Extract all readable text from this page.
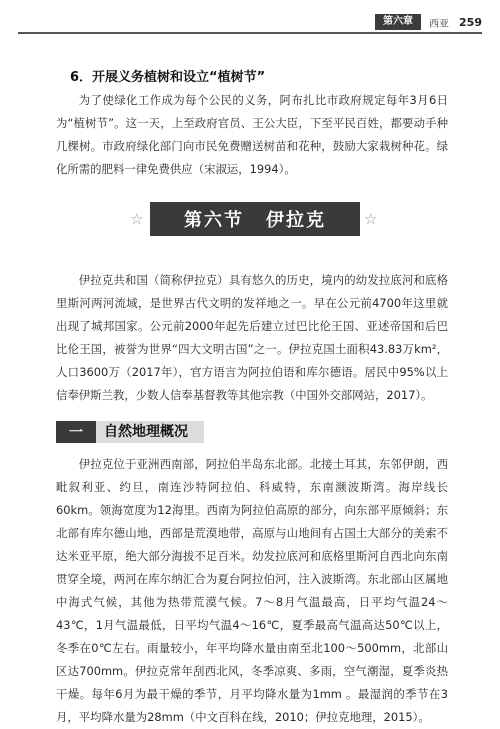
第六章	西亚 259
6．开展义务植树和设立“植树节”

为了使绿化工作成为每个公民的义务，阿布扎比市政府规定每年3月6日为“植树节”。这一天，上至政府官员、王公大臣，下至平民百姓，都要动手种几棵树。市政府绿化部门向市民免费赠送树苗和花种，鼓励大家栽树种花。绿化所需的肥料一律免费供应（宋淑运，1994）。

☆ 第六节 伊拉克	☆

伊拉克共和国（简称伊拉克）具有悠久的历史，境内的幼发拉底河和底格里斯河两河流域，是世界古代文明的发祥地之一。早在公元前4700年这里就出现了城邦国家。公元前2000年起先后建立过巴比伦王国、亚述帝国和后巴比伦王国，被誉为世界“四大文明古国”之一。伊拉克国土面积43.83万km²，人口3600万（2017年），官方语言为阿拉伯语和库尔德语。居民中95%以上信奉伊斯兰教，少数人信奉基督教等其他宗教（中国外交部网站，2017）。

一	自然地理概况

伊拉克位于亚洲西南部，阿拉伯半岛东北部。北接土耳其，东邻伊朗，西毗叙利亚、约旦，南连沙特阿拉伯、科威特，东南濒波斯湾。海岸线长60km。领海宽度为12海里。西南为阿拉伯高原的部分，向东部平原倾斜；东北部有库尔德山地，西部是荒漠地带，高原与山地间有占国土大部分的美索不达米亚平原，绝大部分海拔不足百米。幼发拉底河和底格里斯河自西北向东南贯穿全境，两河在库尔纳汇合为夏台阿拉伯河，注入波斯湾。东北部山区属地中海式气候，其他为热带荒漠气候。7～8月气温最高，日平均气温24～43℃，1月气温最低，日平均气温4～16℃，夏季最高气温高达50℃以上，冬季在0℃左右。雨量较小，年平均降水量由南至北100～500mm，北部山区达700mm。伊拉克常年刮西北风，冬季凉爽、多雨，空气潮湿，夏季炎热干燥。每年6月为最干燥的季节，月平均降水量为1mm 。最湿润的季节在3月，平均降水量为28mm（中文百科在线，2010；伊拉克地理，2015）。
